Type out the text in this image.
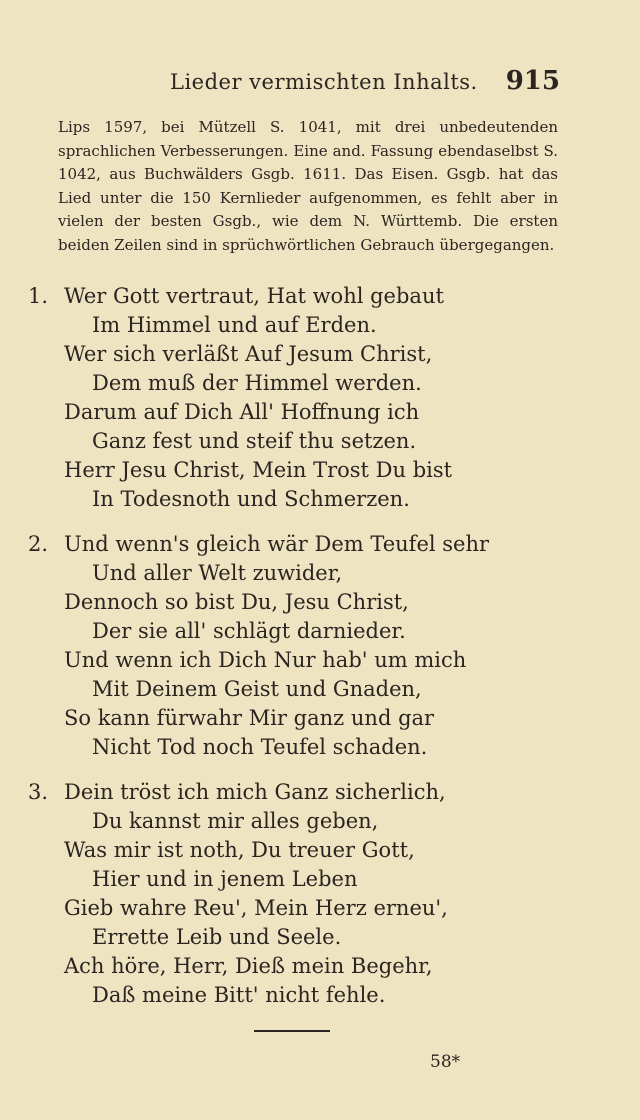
Lieder vermischten Inhalts. 915

Lips 1597, bei Mützell S. 1041, mit drei unbedeutenden sprachlichen Verbesserungen. Eine and. Fassung ebendaselbst S. 1042, aus Buchwälders Gsgb. 1611. Das Eisen. Gsgb. hat das Lied unter die 150 Kernlieder aufgenommen, es fehlt aber in vielen der besten Gsgb., wie dem N. Württemb. Die ersten beiden Zeilen sind in sprüchwörtlichen Gebrauch übergegangen.

1. Wer Gott vertraut, Hat wohl gebaut
Im Himmel und auf Erden.
Wer sich verläßt Auf Jesum Christ,
Dem muß der Himmel werden.
Darum auf Dich All' Hoffnung ich
Ganz fest und steif thu setzen.
Herr Jesu Christ, Mein Trost Du bist
In Todesnoth und Schmerzen.
2. Und wenn's gleich wär Dem Teufel sehr
Und aller Welt zuwider,
Dennoch so bist Du, Jesu Christ,
Der sie all' schlägt darnieder.
Und wenn ich Dich Nur hab' um mich
Mit Deinem Geist und Gnaden,
So kann fürwahr Mir ganz und gar
Nicht Tod noch Teufel schaden.
3. Dein tröst ich mich Ganz sicherlich,
Du kannst mir alles geben,
Was mir ist noth, Du treuer Gott,
Hier und in jenem Leben
Gieb wahre Reu', Mein Herz erneu',
Errette Leib und Seele.
Ach höre, Herr, Dieß mein Begehr,
Daß meine Bitt' nicht fehle.
58*
